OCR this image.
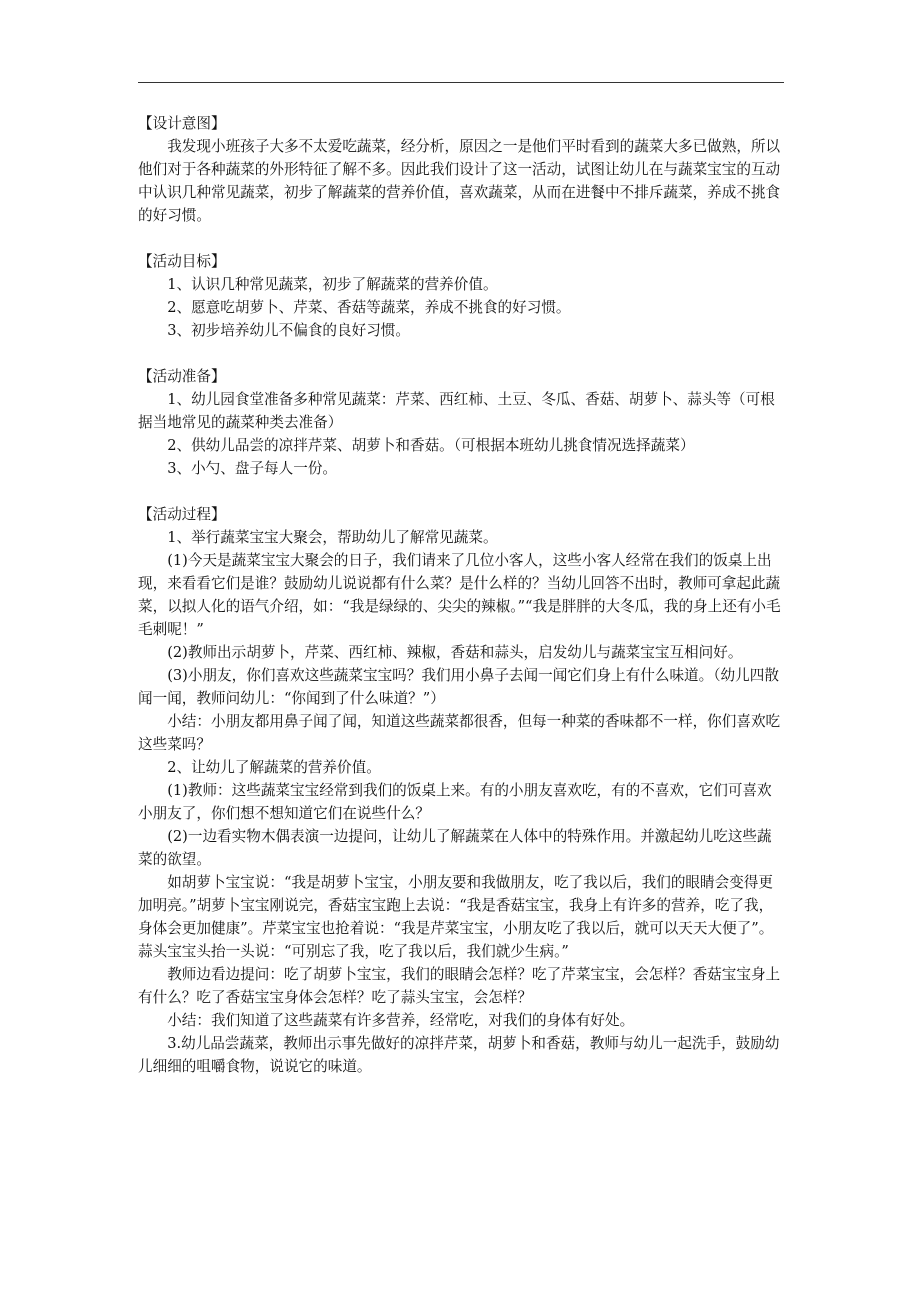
【设计意图】

我发现小班孩子大多不太爱吃蔬菜，经分析，原因之一是他们平时看到的蔬菜大多已做熟，所以他们对于各种蔬菜的外形特征了解不多。因此我们设计了这一活动，试图让幼儿在与蔬菜宝宝的互动中认识几种常见蔬菜，初步了解蔬菜的营养价值，喜欢蔬菜，从而在进餐中不排斥蔬菜，养成不挑食的好习惯。

【活动目标】

1、认识几种常见蔬菜，初步了解蔬菜的营养价值。

2、愿意吃胡萝卜、芹菜、香菇等蔬菜，养成不挑食的好习惯。

3、初步培养幼儿不偏食的良好习惯。

【活动准备】

1、幼儿园食堂准备多种常见蔬菜：芹菜、西红柿、土豆、冬瓜、香菇、胡萝卜、蒜头等（可根据当地常见的蔬菜种类去准备）

2、供幼儿品尝的凉拌芹菜、胡萝卜和香菇。（可根据本班幼儿挑食情况选择蔬菜）

3、小勺、盘子每人一份。

【活动过程】

1、举行蔬菜宝宝大聚会，帮助幼儿了解常见蔬菜。

(1)今天是蔬菜宝宝大聚会的日子，我们请来了几位小客人，这些小客人经常在我们的饭桌上出现，来看看它们是谁？鼓励幼儿说说都有什么菜？是什么样的？当幼儿回答不出时，教师可拿起此蔬菜，以拟人化的语气介绍，如：“我是绿绿的、尖尖的辣椒。”“我是胖胖的大冬瓜，我的身上还有小毛毛刺呢！”

(2)教师出示胡萝卜，芹菜、西红柿、辣椒，香菇和蒜头，启发幼儿与蔬菜宝宝互相问好。

(3)小朋友，你们喜欢这些蔬菜宝宝吗？我们用小鼻子去闻一闻它们身上有什么味道。（幼儿四散闻一闻，教师问幼儿：“你闻到了什么味道？”）

小结：小朋友都用鼻子闻了闻，知道这些蔬菜都很香，但每一种菜的香味都不一样，你们喜欢吃这些菜吗？

2、让幼儿了解蔬菜的营养价值。

(1)教师：这些蔬菜宝宝经常到我们的饭桌上来。有的小朋友喜欢吃，有的不喜欢，它们可喜欢小朋友了，你们想不想知道它们在说些什么？

(2)一边看实物木偶表演一边提问，让幼儿了解蔬菜在人体中的特殊作用。并激起幼儿吃这些蔬菜的欲望。

如胡萝卜宝宝说：“我是胡萝卜宝宝，小朋友要和我做朋友，吃了我以后，我们的眼睛会变得更加明亮。”胡萝卜宝宝刚说完，香菇宝宝跑上去说：“我是香菇宝宝，我身上有许多的营养，吃了我，身体会更加健康”。芹菜宝宝也抢着说：“我是芹菜宝宝，小朋友吃了我以后，就可以天天大便了”。蒜头宝宝头抬一头说：“可别忘了我，吃了我以后，我们就少生病。”

教师边看边提问：吃了胡萝卜宝宝，我们的眼睛会怎样？吃了芹菜宝宝，会怎样？香菇宝宝身上有什么？吃了香菇宝宝身体会怎样？吃了蒜头宝宝，会怎样？

小结：我们知道了这些蔬菜有许多营养，经常吃，对我们的身体有好处。

3.幼儿品尝蔬菜，教师出示事先做好的凉拌芹菜，胡萝卜和香菇，教师与幼儿一起洗手，鼓励幼儿细细的咀嚼食物，说说它的味道。
